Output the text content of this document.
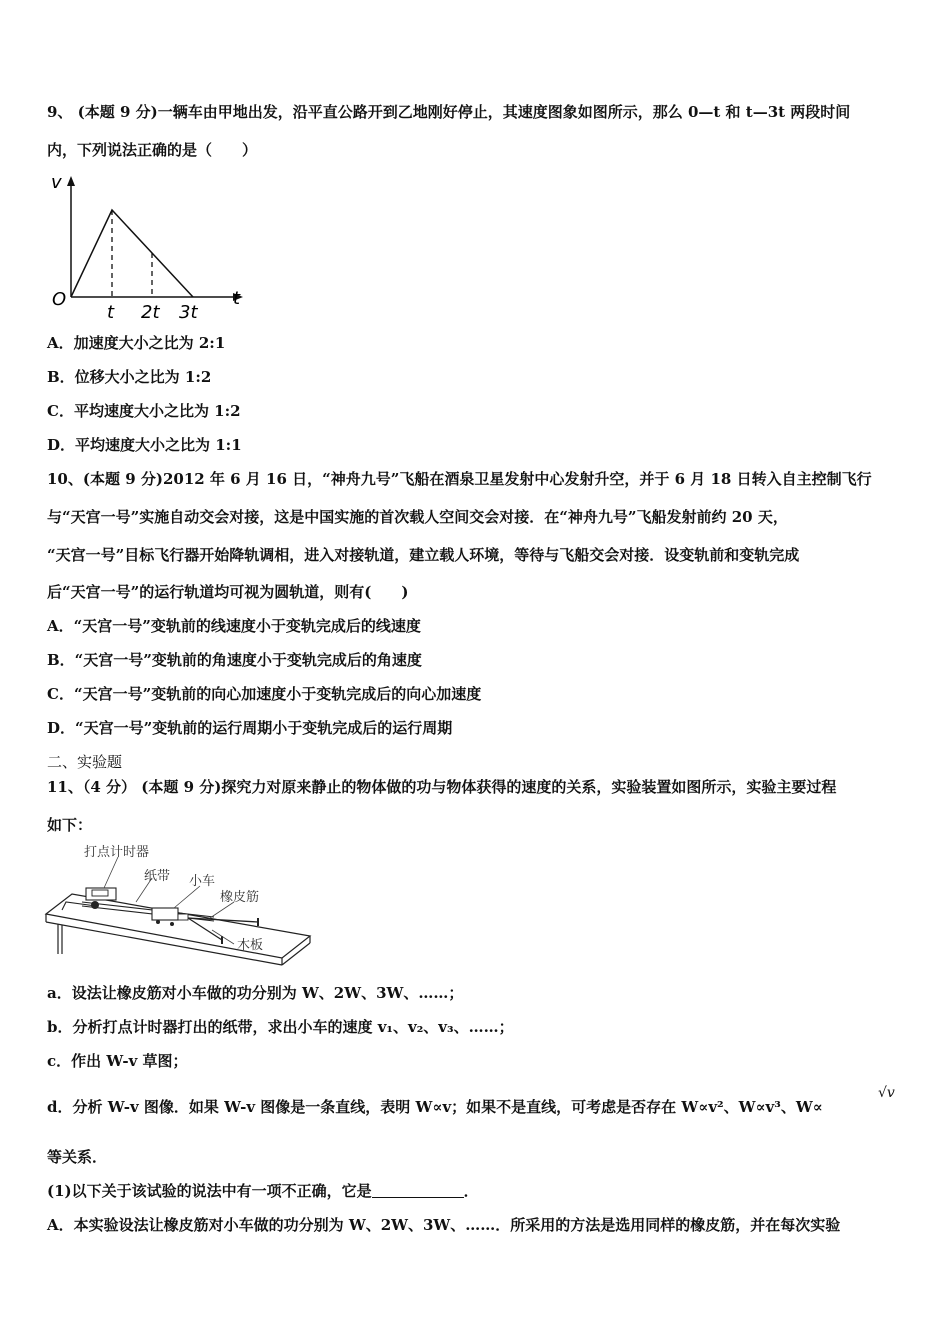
9、 (本题 9 分)一辆车由甲地出发，沿平直公路开到乙地刚好停止，其速度图象如图所示，那么 0—t 和 t—3t 两段时间
内，下列说法正确的是（　　）
v
t
O
t 2t 3t
A．加速度大小之比为 2:1
B．位移大小之比为 1:2
C．平均速度大小之比为 1:2
D．平均速度大小之比为 1:1
10、(本题 9 分)2012 年 6 月 16 日，“神舟九号”飞船在酒泉卫星发射中心发射升空，并于 6 月 18 日转入自主控制飞行
与“天宫一号”实施自动交会对接，这是中国实施的首次载人空间交会对接．在“神舟九号”飞船发射前约 20 天，
“天宫一号”目标飞行器开始降轨调相，进入对接轨道，建立载人环境，等待与飞船交会对接．设变轨前和变轨完成
后“天宫一号”的运行轨道均可视为圆轨道，则有(　　)
A．“天宫一号”变轨前的线速度小于变轨完成后的线速度
B．“天宫一号”变轨前的角速度小于变轨完成后的角速度
C．“天宫一号”变轨前的向心加速度小于变轨完成后的向心加速度
D．“天宫一号”变轨前的运行周期小于变轨完成后的运行周期
二、实验题
11、（4 分） (本题 9 分)探究力对原来静止的物体做的功与物体获得的速度的关系，实验装置如图所示，实验主要过程
如下：
打点计时器
纸带 小车
橡皮筋
木板
a．设法让橡皮筋对小车做的功分别为 W、2W、3W、……；
b．分析打点计时器打出的纸带，求出小车的速度 v₁、v₂、v₃、……；
c．作出 W-v 草图；
d．分析 W-v 图像．如果 W-v 图像是一条直线，表明 W∝v；如果不是直线，可考虑是否存在 W∝v²、W∝v³、W∝
√v
等关系．
(1)以下关于该试验的说法中有一项不正确，它是	．
A．本实验设法让橡皮筋对小车做的功分别为 W、2W、3W、……．所采用的方法是选用同样的橡皮筋，并在每次实验
